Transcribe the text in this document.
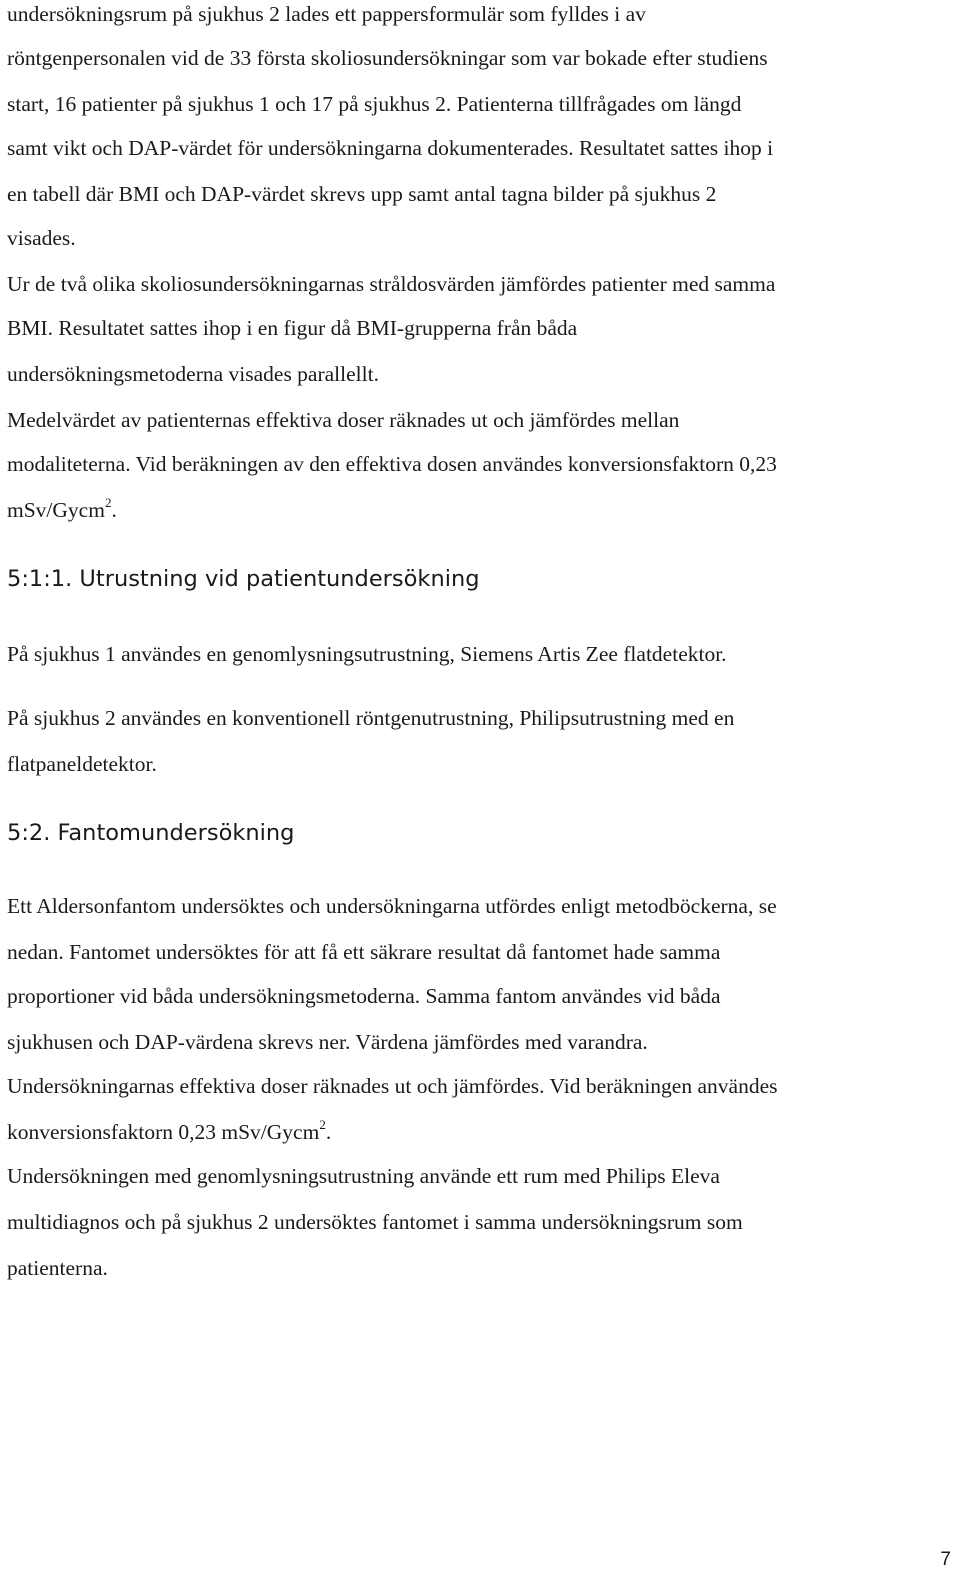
undersökningsrum på sjukhus 2 lades ett pappersformulär som fylldes i av
röntgenpersonalen vid de 33 första skoliosundersökningar som var bokade efter studiens
start, 16 patienter på sjukhus 1 och 17 på sjukhus 2. Patienterna tillfrågades om längd
samt vikt och DAP-värdet för undersökningarna dokumenterades. Resultatet sattes ihop i
en tabell där BMI och DAP-värdet skrevs upp samt antal tagna bilder på sjukhus 2
visades.
Ur de två olika skoliosundersökningarnas stråldosvärden jämfördes patienter med samma
BMI. Resultatet sattes ihop i en figur då BMI-grupperna från båda
undersökningsmetoderna visades parallellt.
Medelvärdet av patienternas effektiva doser räknades ut och jämfördes mellan
modaliteterna. Vid beräkningen av den effektiva dosen användes konversionsfaktorn 0,23
mSv/Gycm$^2$.
5:1:1. Utrustning vid patientundersökning
På sjukhus 1 användes en genomlysningsutrustning, Siemens Artis Zee flatdetektor.
På sjukhus 2 användes en konventionell röntgenutrustning, Philipsutrustning med en
flatpaneldetektor.
5:2. Fantomundersökning
Ett Aldersonfantom undersöktes och undersökningarna utfördes enligt metodböckerna, se
nedan. Fantomet undersöktes för att få ett säkrare resultat då fantomet hade samma
proportioner vid båda undersökningsmetoderna. Samma fantom användes vid båda
sjukhusen och DAP-värdena skrevs ner. Värdena jämfördes med varandra.
Undersökningarnas effektiva doser räknades ut och jämfördes. Vid beräkningen användes
konversionsfaktorn 0,23 mSv/Gycm$^2$.
Undersökningen med genomlysningsutrustning använde ett rum med Philips Eleva
multidiagnos och på sjukhus 2 undersöktes fantomet i samma undersökningsrum som
patienterna.
7
